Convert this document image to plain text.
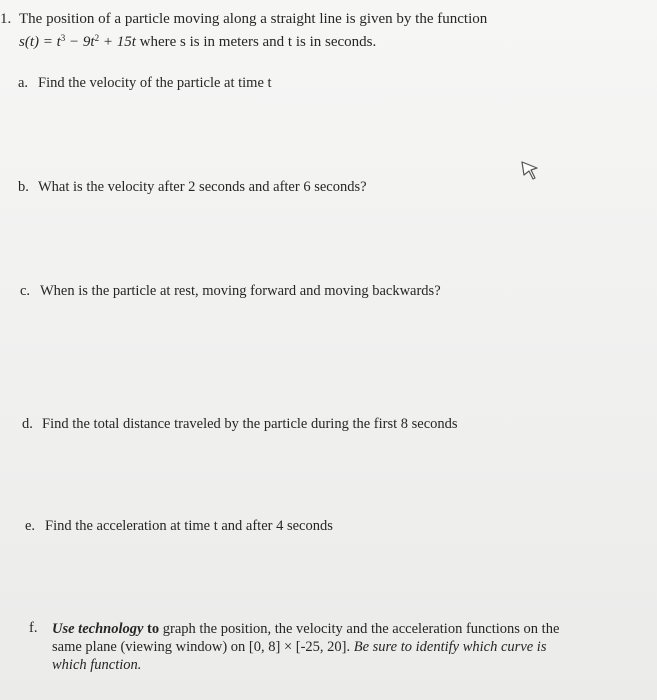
1. The position of a particle moving along a straight line is given by the function
$s(t) = t^3 - 9t^2 + 15t$ where s is in meters and t is in seconds.
a. Find the velocity of the particle at time t
b. What is the velocity after 2 seconds and after 6 seconds?
c. When is the particle at rest, moving forward and moving backwards?
d. Find the total distance traveled by the particle during the first 8 seconds
e. Find the acceleration at time t and after 4 seconds
f. Use technology to graph the position, the velocity and the acceleration functions on the
same plane (viewing window) on [0, 8] × [-25, 20]. Be sure to identify which curve is
which function.
